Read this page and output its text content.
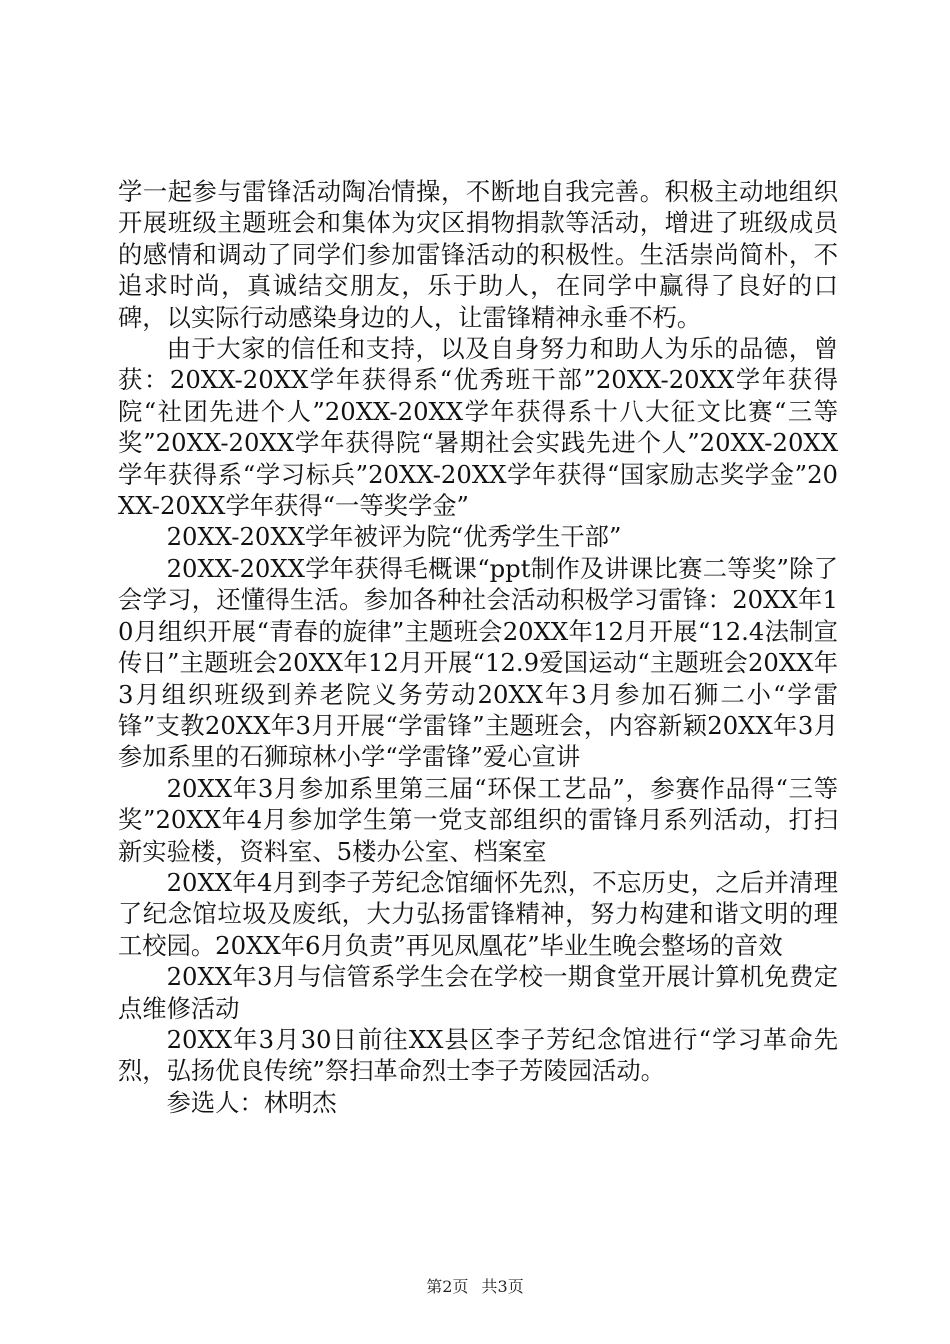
学一起参与雷锋活动陶冶情操，不断地自我完善。积极主动地组织开展班级主题班会和集体为灾区捐物捐款等活动，增进了班级成员的感情和调动了同学们参加雷锋活动的积极性。生活崇尚简朴，不追求时尚，真诚结交朋友，乐于助人，在同学中赢得了良好的口碑，以实际行动感染身边的人，让雷锋精神永垂不朽。

由于大家的信任和支持，以及自身努力和助人为乐的品德，曾获：20XX-20XX学年获得系“优秀班干部”20XX-20XX学年获得院“社团先进个人”20XX-20XX学年获得系十八大征文比赛“三等奖”20XX-20XX学年获得院“暑期社会实践先进个人”20XX-20XX学年获得系“学习标兵”20XX-20XX学年获得“国家励志奖学金”20XX-20XX学年获得“一等奖学金”

20XX-20XX学年被评为院“优秀学生干部”

20XX-20XX学年获得毛概课“ppt制作及讲课比赛二等奖”除了会学习，还懂得生活。参加各种社会活动积极学习雷锋：20XX年10月组织开展“青春的旋律”主题班会20XX年12月开展“12.4法制宣传日”主题班会20XX年12月开展“12.9爱国运动“主题班会20XX年3月组织班级到养老院义务劳动20XX年3月参加石狮二小“学雷锋”支教20XX年3月开展“学雷锋”主题班会，内容新颖20XX年3月参加系里的石狮琼林小学“学雷锋”爱心宣讲

20XX年3月参加系里第三届“环保工艺品”，参赛作品得“三等奖”20XX年4月参加学生第一党支部组织的雷锋月系列活动，打扫新实验楼，资料室、5楼办公室、档案室

20XX年4月到李子芳纪念馆缅怀先烈，不忘历史，之后并清理了纪念馆垃圾及废纸，大力弘扬雷锋精神，努力构建和谐文明的理工校园。20XX年6月负责”再见凤凰花”毕业生晚会整场的音效

20XX年3月与信管系学生会在学校一期食堂开展计算机免费定点维修活动

20XX年3月30日前往XX县区李子芳纪念馆进行“学习革命先烈，弘扬优良传统”祭扫革命烈士李子芳陵园活动。

参选人：林明杰

第2页 共3页
